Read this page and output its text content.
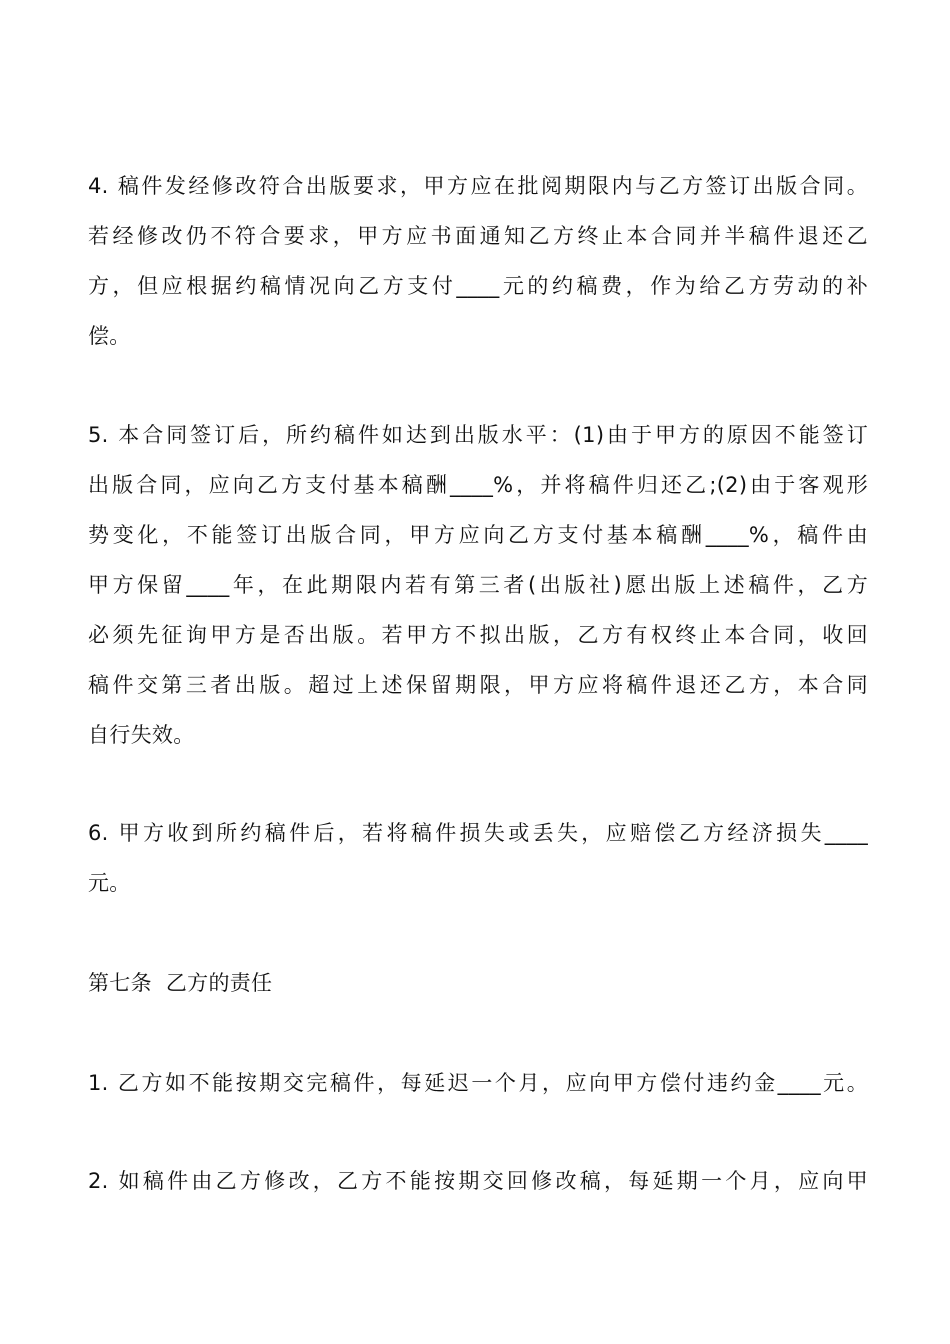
4. 稿件发经修改符合出版要求，甲方应在批阅期限内与乙方签订出版合同。
若经修改仍不符合要求，甲方应书面通知乙方终止本合同并半稿件退还乙
方，但应根据约稿情况向乙方支付____元的约稿费，作为给乙方劳动的补
偿。
5. 本合同签订后，所约稿件如达到出版水平：(1)由于甲方的原因不能签订
出版合同，应向乙方支付基本稿酬____%，并将稿件归还乙;(2)由于客观形
势变化，不能签订出版合同，甲方应向乙方支付基本稿酬____%，稿件由
甲方保留____年，在此期限内若有第三者(出版社)愿出版上述稿件，乙方
必须先征询甲方是否出版。若甲方不拟出版，乙方有权终止本合同，收回
稿件交第三者出版。超过上述保留期限，甲方应将稿件退还乙方，本合同
自行失效。
6. 甲方收到所约稿件后，若将稿件损失或丢失，应赔偿乙方经济损失____
元。
第七条  乙方的责任
1. 乙方如不能按期交完稿件，每延迟一个月，应向甲方偿付违约金____元。
2. 如稿件由乙方修改，乙方不能按期交回修改稿，每延期一个月，应向甲
